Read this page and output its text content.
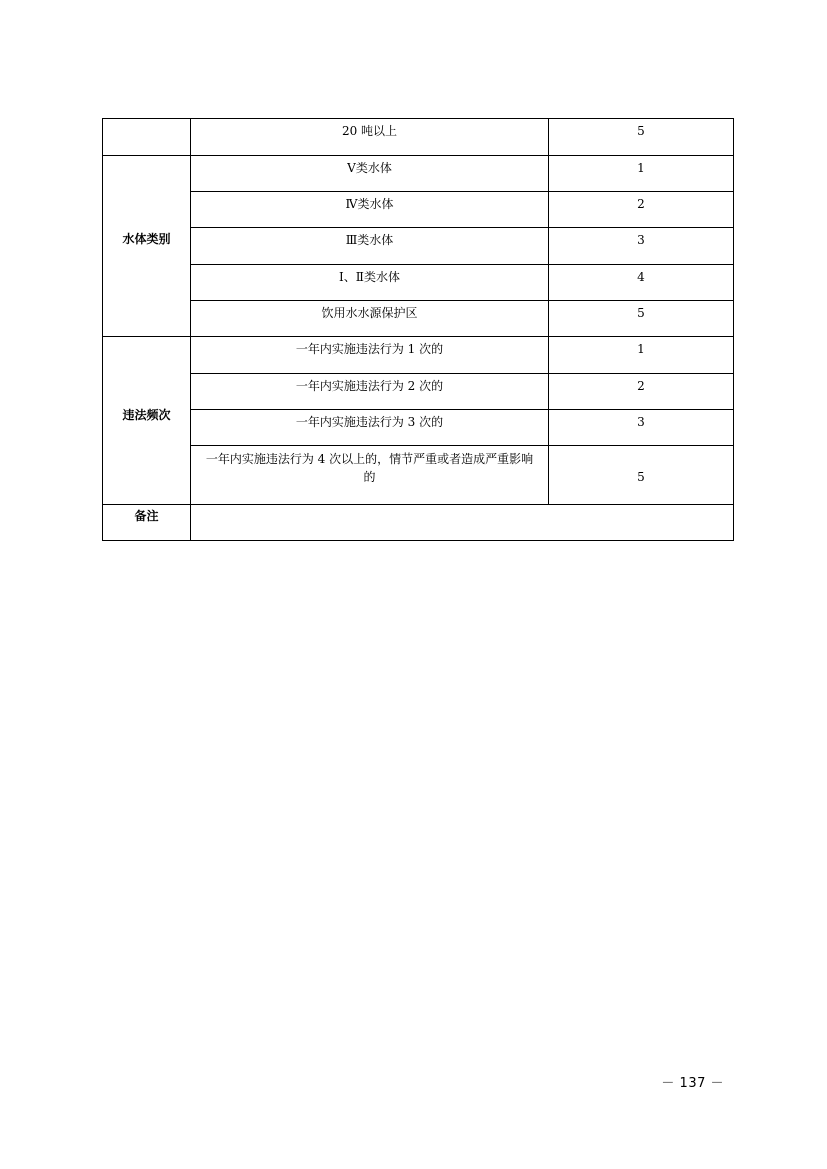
	20 吨以上	5

水体类别	Ⅴ类水体	1

	Ⅳ类水体	2

	Ⅲ类水体	3

	Ⅰ、Ⅱ类水体	4

	饮用水水源保护区	5

违法频次	一年内实施违法行为 1 次的	1

	一年内实施违法行为 2 次的	2

	一年内实施违法行为 3 次的	3

	一年内实施违法行为 4 次以上的，情节严重或者造成严重影响的	5

备注		

－ 137 －
